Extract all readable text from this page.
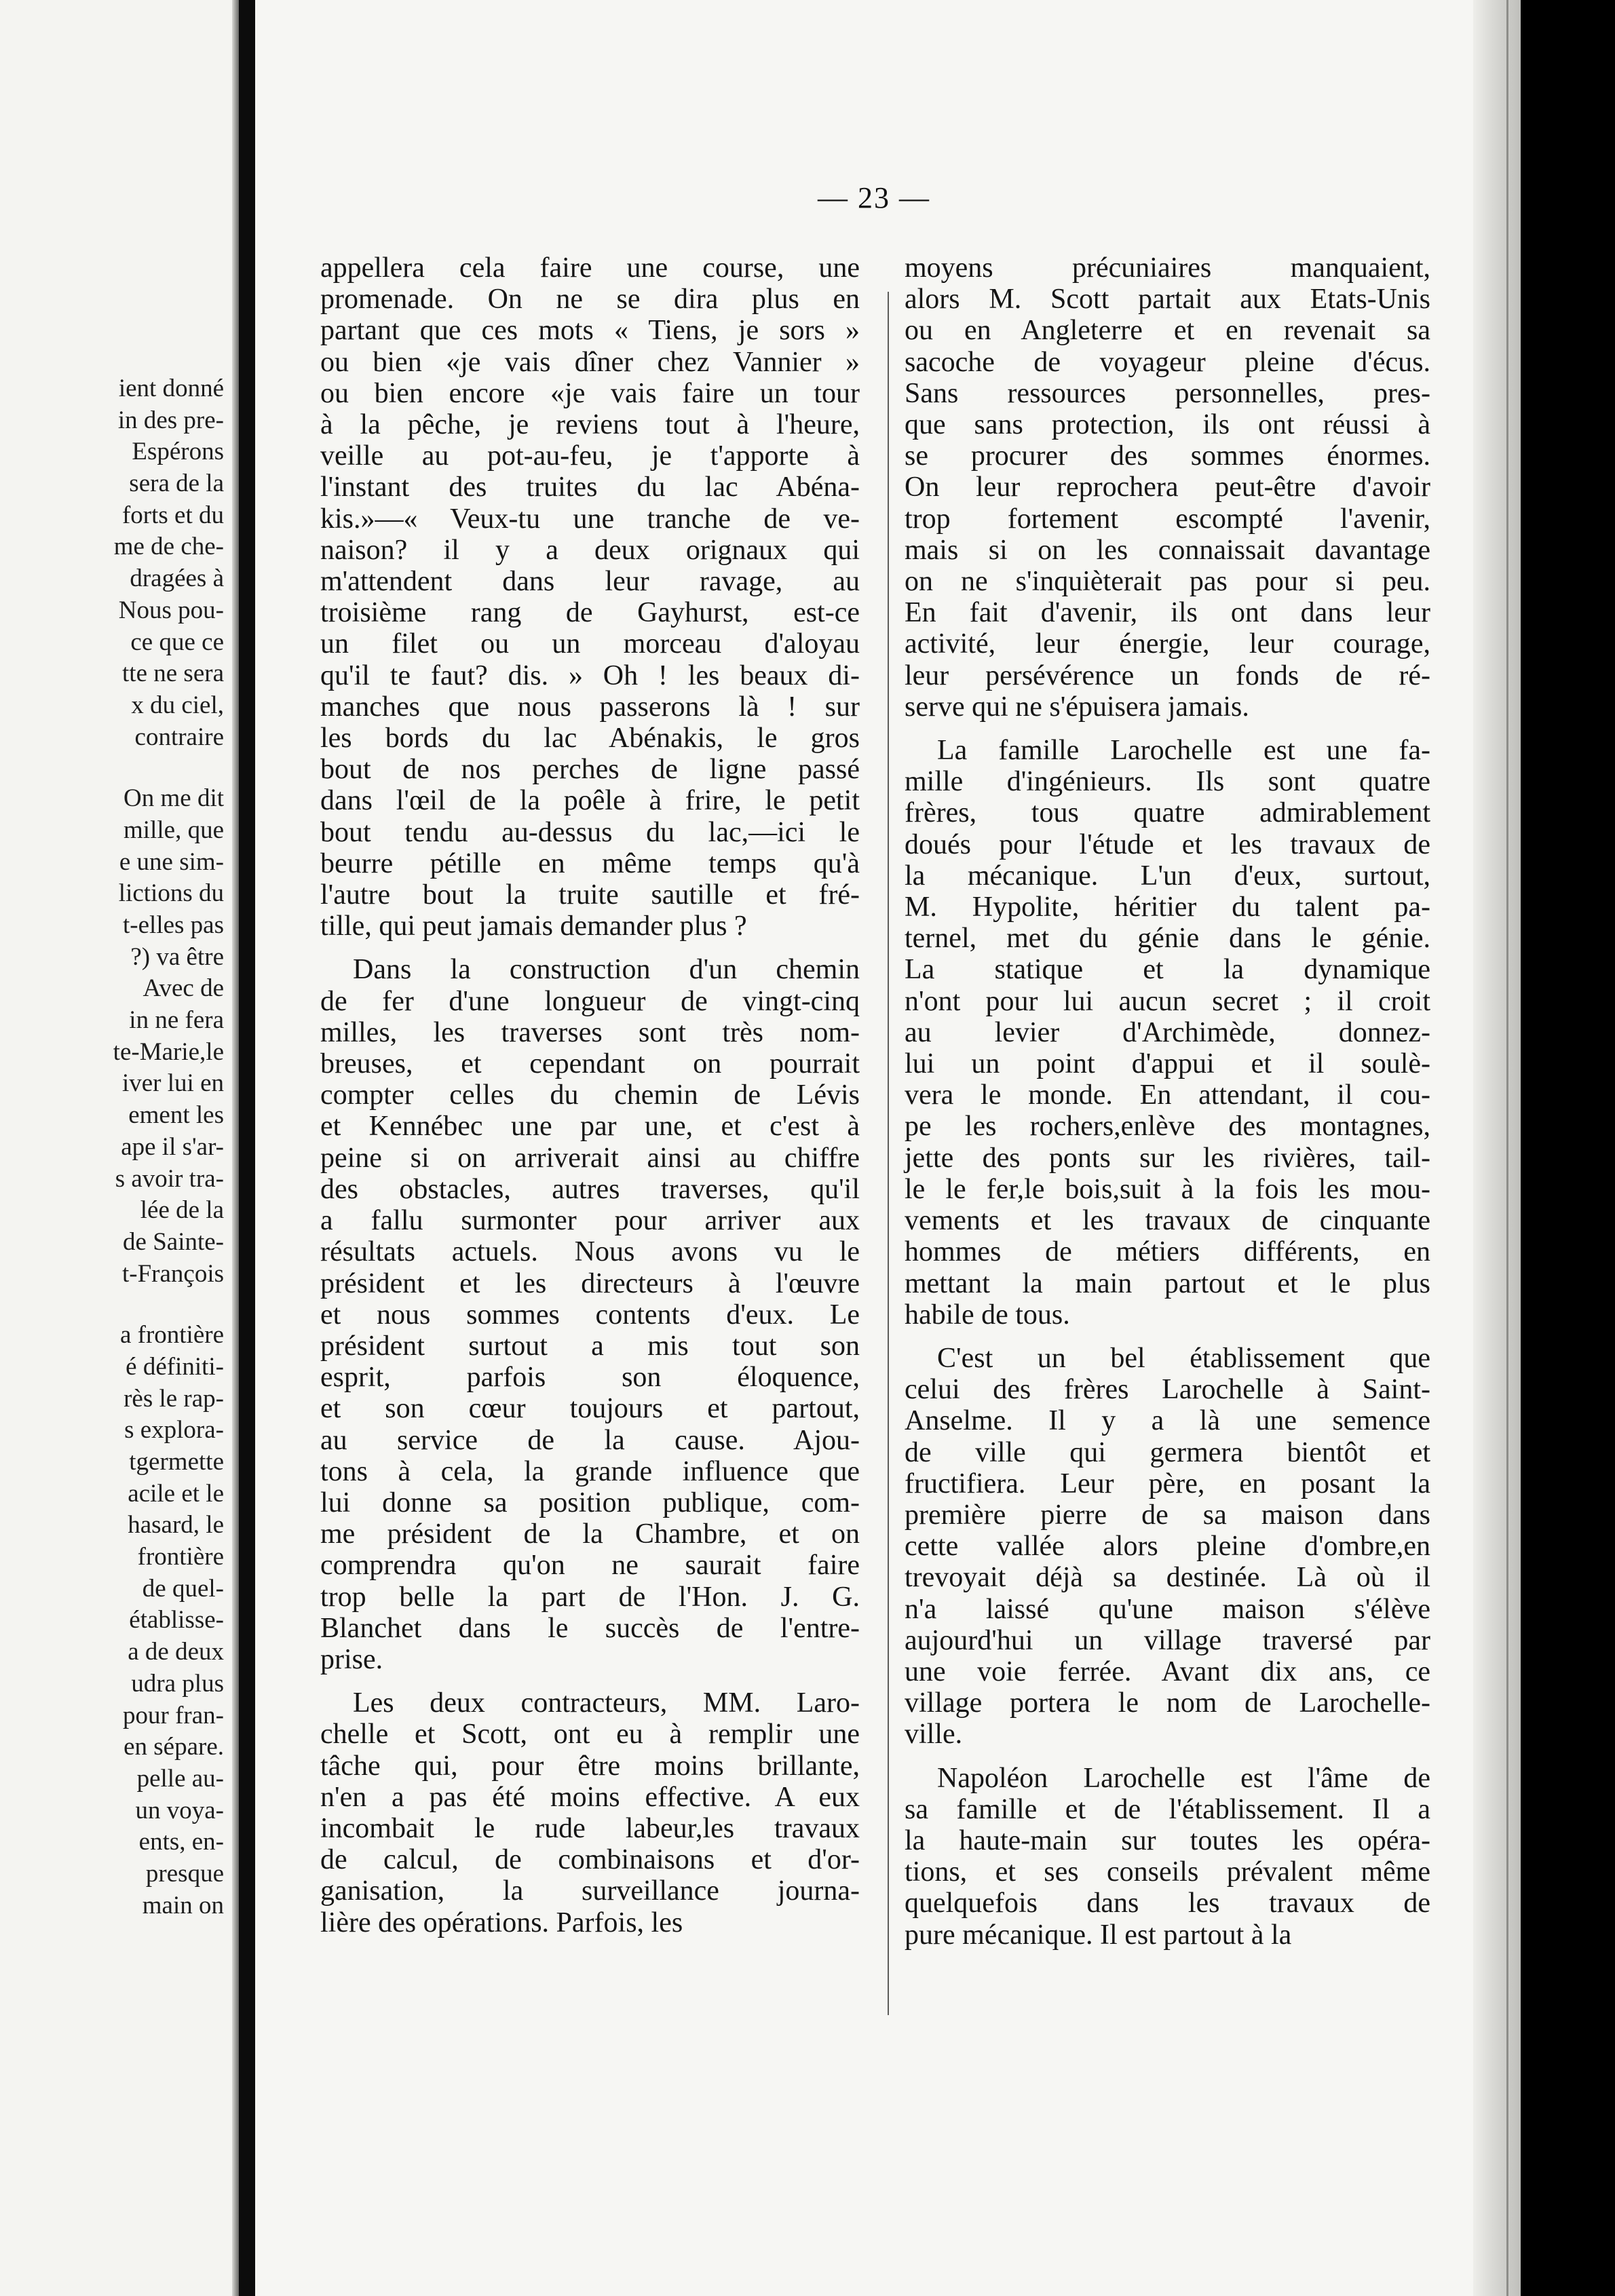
ient donné
in des pre-
Espérons
sera de la
forts et du
me de che-
dragées à
Nous pou-
ce que ce
tte ne sera
x du ciel,
contraire
On me dit
mille, que
e une sim-
lictions du
t-elles pas
?) va être
Avec de
in ne fera
te-Marie,le
iver lui en
ement les
ape il s'ar-
s avoir tra-
lée de la
de Sainte-
t-François
a frontière
é définiti-
rès le rap-
s explora-
tgermette
acile et le
hasard, le
frontière
de quel-
établisse-
a de deux
udra plus
pour fran-
en sépare.
pelle au-
un voya-
ents, en-
presque
main on
— 23 —

appellera cela faire une course, une

promenade. On ne se dira plus en

partant que ces mots « Tiens, je sors »

ou bien «je vais dîner chez Vannier »

ou bien encore «je vais faire un tour

à la pêche, je reviens tout à l'heure,

veille au pot-au-feu, je t'apporte à

l'instant des truites du lac Abéna-

kis.»—« Veux-tu une tranche de ve-

naison? il y a deux orignaux qui

m'attendent dans leur ravage, au

troisième rang de Gayhurst, est-ce

un filet ou un morceau d'aloyau

qu'il te faut? dis. » Oh ! les beaux di-

manches que nous passerons là ! sur

les bords du lac Abénakis, le gros

bout de nos perches de ligne passé

dans l'œil de la poêle à frire, le petit

bout tendu au-dessus du lac,—ici le

beurre pétille en même temps qu'à

l'autre bout la truite sautille et fré-

tille, qui peut jamais demander plus ?

Dans la construction d'un chemin

de fer d'une longueur de vingt-cinq

milles, les traverses sont très nom-

breuses, et cependant on pourrait

compter celles du chemin de Lévis

et Kennébec une par une, et c'est à

peine si on arriverait ainsi au chiffre

des obstacles, autres traverses, qu'il

a fallu surmonter pour arriver aux

résultats actuels. Nous avons vu le

président et les directeurs à l'œuvre

et nous sommes contents d'eux. Le

président surtout a mis tout son

esprit, parfois son éloquence,

et son cœur toujours et partout,

au service de la cause. Ajou-

tons à cela, la grande influence que

lui donne sa position publique, com-

me président de la Chambre, et on

comprendra qu'on ne saurait faire

trop belle la part de l'Hon. J. G.

Blanchet dans le succès de l'entre-

prise.

Les deux contracteurs, MM. Laro-

chelle et Scott, ont eu à remplir une

tâche qui, pour être moins brillante,

n'en a pas été moins effective. A eux

incombait le rude labeur,les travaux

de calcul, de combinaisons et d'or-

ganisation, la surveillance journa-

lière des opérations. Parfois, les

moyens précuniaires manquaient,

alors M. Scott partait aux Etats-Unis

ou en Angleterre et en revenait sa

sacoche de voyageur pleine d'écus.

Sans ressources personnelles, pres-

que sans protection, ils ont réussi à

se procurer des sommes énormes.

On leur reprochera peut-être d'avoir

trop fortement escompté l'avenir,

mais si on les connaissait davantage

on ne s'inquièterait pas pour si peu.

En fait d'avenir, ils ont dans leur

activité, leur énergie, leur courage,

leur persévérence un fonds de ré-

serve qui ne s'épuisera jamais.

La famille Larochelle est une fa-

mille d'ingénieurs. Ils sont quatre

frères, tous quatre admirablement

doués pour l'étude et les travaux de

la mécanique. L'un d'eux, surtout,

M. Hypolite, héritier du talent pa-

ternel, met du génie dans le génie.

La statique et la dynamique

n'ont pour lui aucun secret ; il croit

au levier d'Archimède, donnez-

lui un point d'appui et il soulè-

vera le monde. En attendant, il cou-

pe les rochers,enlève des montagnes,

jette des ponts sur les rivières, tail-

le le fer,le bois,suit à la fois les mou-

vements et les travaux de cinquante

hommes de métiers différents, en

mettant la main partout et le plus

habile de tous.

C'est un bel établissement que

celui des frères Larochelle à Saint-

Anselme. Il y a là une semence

de ville qui germera bientôt et

fructifiera. Leur père, en posant la

première pierre de sa maison dans

cette vallée alors pleine d'ombre,en

trevoyait déjà sa destinée. Là où il

n'a laissé qu'une maison s'élève

aujourd'hui un village traversé par

une voie ferrée. Avant dix ans, ce

village portera le nom de Larochelle-

ville.

Napoléon Larochelle est l'âme de

sa famille et de l'établissement. Il a

la haute-main sur toutes les opéra-

tions, et ses conseils prévalent même

quelquefois dans les travaux de

pure mécanique. Il est partout à la
